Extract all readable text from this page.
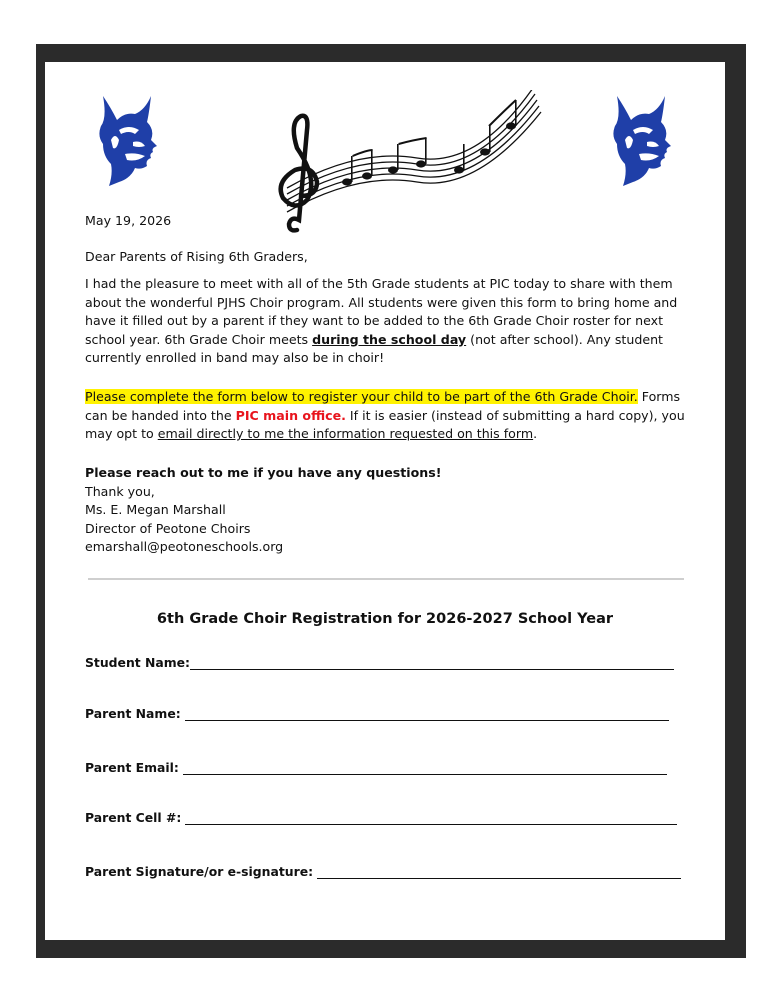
May 19, 2026
Dear Parents of Rising 6th Graders,
I had the pleasure to meet with all of the 5th Grade students at PIC today to share with them about the wonderful PJHS Choir program. All students were given this form to bring home and have it filled out by a parent if they want to be added to the 6th Grade Choir roster for next school year. 6th Grade Choir meets during the school day (not after school). Any student currently enrolled in band may also be in choir!
Please complete the form below to register your child to be part of the 6th Grade Choir. Forms can be handed into the PIC main office. If it is easier (instead of submitting a hard copy), you may opt to email directly to me the information requested on this form.
Please reach out to me if you have any questions!
Thank you,
Ms. E. Megan Marshall
Director of Peotone Choirs
emarshall@peotoneschools.org
6th Grade Choir Registration for 2026-2027 School Year
Student Name:
Parent Name:
Parent Email:
Parent Cell #:
Parent Signature/or e-signature:
